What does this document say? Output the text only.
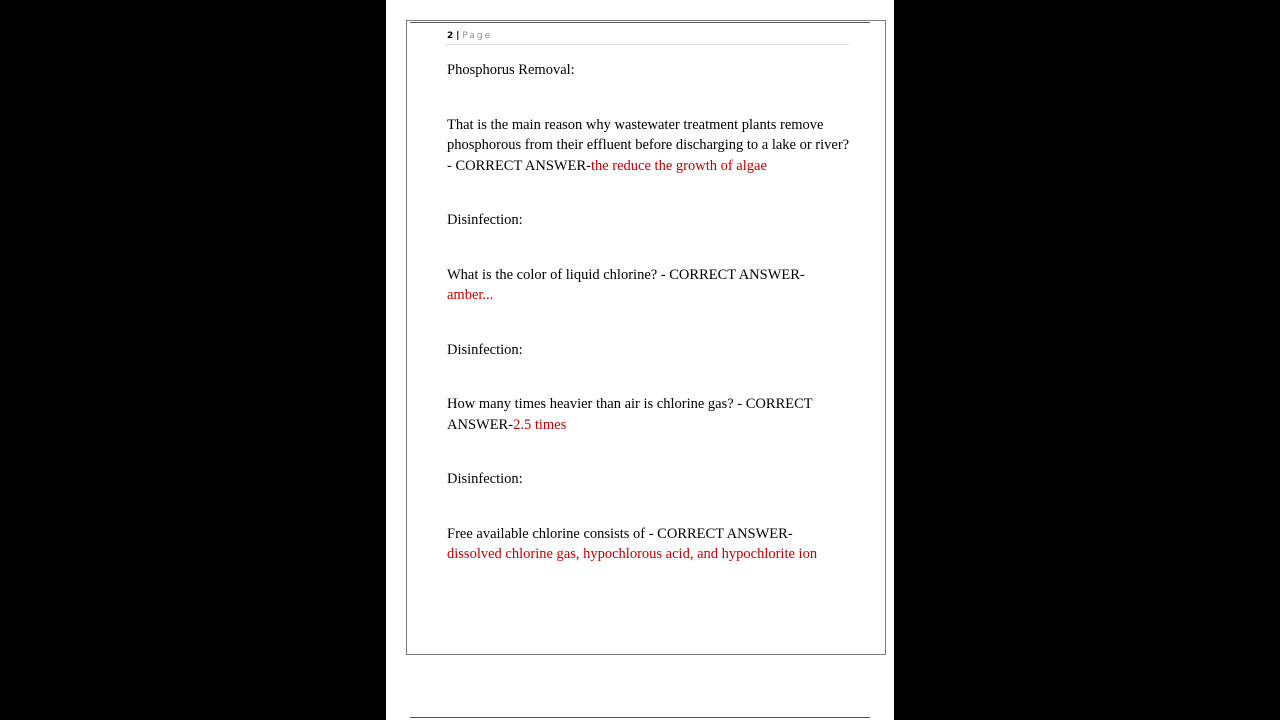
2 | Page

Phosphorus Removal:

That is the main reason why wastewater treatment plants remove phosphorous from their effluent before discharging to a lake or river? - CORRECT ANSWER-the reduce the growth of algae

Disinfection:

What is the color of liquid chlorine? - CORRECT ANSWER-
amber...

Disinfection:

How many times heavier than air is chlorine gas? - CORRECT ANSWER-2.5 times

Disinfection:

Free available chlorine consists of - CORRECT ANSWER-
dissolved chlorine gas, hypochlorous acid, and hypochlorite ion
